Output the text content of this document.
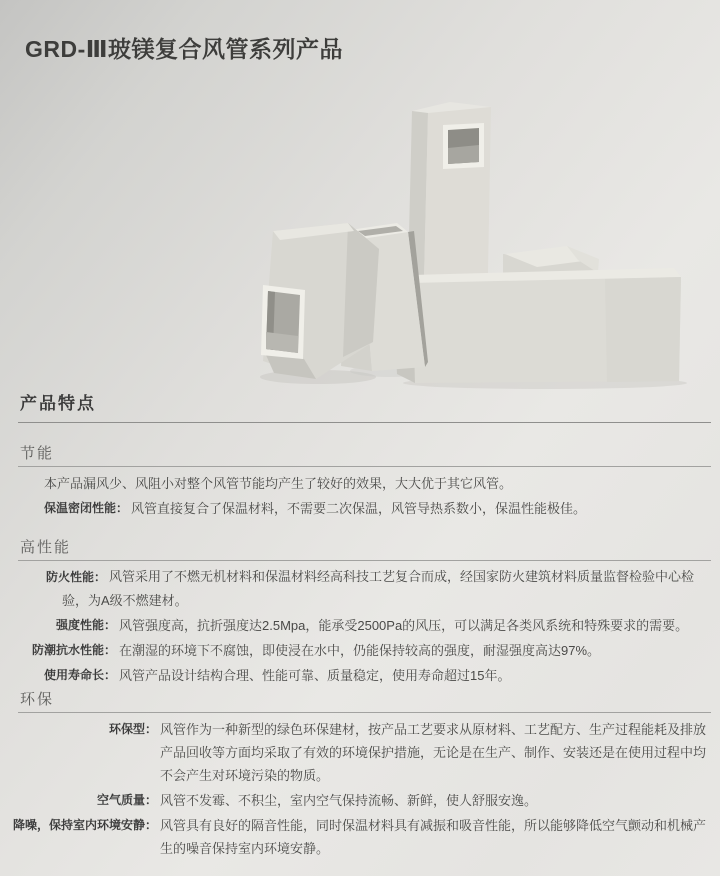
GRD-Ⅲ玻镁复合风管系列产品
产品特点
节能

本产品漏风少、风阻小对整个风管节能均产生了较好的效果，大大优于其它风管。

保温密闭性能： 风管直接复合了保温材料，不需要二次保温，风管导热系数小，保温性能极佳。
高性能
防火性能： 风管采用了不燃无机材料和保温材料经高科技工艺复合而成，经国家防火建筑材料质量监督检验中心检验，为A级不燃建材。
强度性能： 风管强度高，抗折强度达2.5Mpa，能承受2500Pa的风压，可以满足各类风系统和特殊要求的需要。
防潮抗水性能： 在潮湿的环境下不腐蚀，即使浸在水中，仍能保持较高的强度，耐湿强度高达97%。
使用寿命长： 风管产品设计结构合理、性能可靠、质量稳定，使用寿命超过15年。
环保
环保型： 风管作为一种新型的绿色环保建材，按产品工艺要求从原材料、工艺配方、生产过程能耗及排放产品回收等方面均采取了有效的环境保护措施，无论是在生产、制作、安装还是在使用过程中均不会产生对环境污染的物质。
空气质量： 风管不发霉、不积尘，室内空气保持流畅、新鲜，使人舒服安逸。
降噪，保持室内环境安静： 风管具有良好的隔音性能，同时保温材料具有减振和吸音性能，所以能够降低空气颤动和机械产生的噪音保持室内环境安静。
